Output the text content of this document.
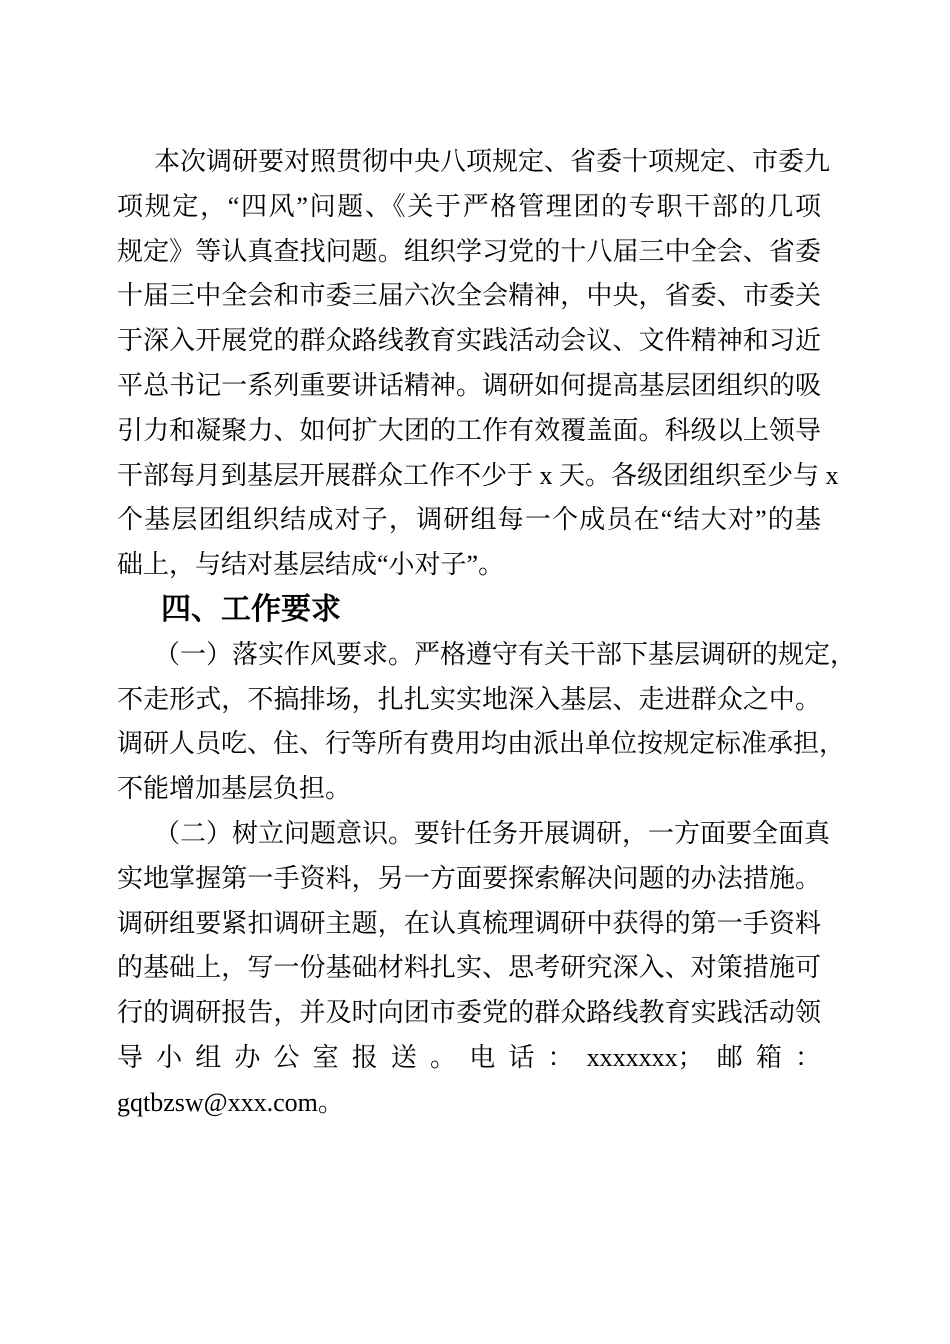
本次调研要对照贯彻中央八项规定、省委十项规定、市委九
项规定，“四风”问题、《关于严格管理团的专职干部的几项
规定》等认真查找问题。组织学习党的十八届三中全会、省委
十届三中全会和市委三届六次全会精神，中央，省委、市委关
于深入开展党的群众路线教育实践活动会议、文件精神和习近
平总书记一系列重要讲话精神。调研如何提高基层团组织的吸
引力和凝聚力、如何扩大团的工作有效覆盖面。科级以上领导
干部每月到基层开展群众工作不少于 x 天。各级团组织至少与 x
个基层团组织结成对子，调研组每一个成员在“结大对”的基
础上，与结对基层结成“小对子”。
四、工作要求
（一）落实作风要求。严格遵守有关干部下基层调研的规定，
不走形式，不搞排场，扎扎实实地深入基层、走进群众之中。
调研人员吃、住、行等所有费用均由派出单位按规定标准承担，
不能增加基层负担。
（二）树立问题意识。要针任务开展调研，一方面要全面真
实地掌握第一手资料，另一方面要探索解决问题的办法措施。
调研组要紧扣调研主题，在认真梳理调研中获得的第一手资料
的基础上，写一份基础材料扎实、思考研究深入、对策措施可
行的调研报告，并及时向团市委党的群众路线教育实践活动领
导小组办公室报送。电话：xxxxxxx；邮箱：
gqtbzsw@xxx.com。
